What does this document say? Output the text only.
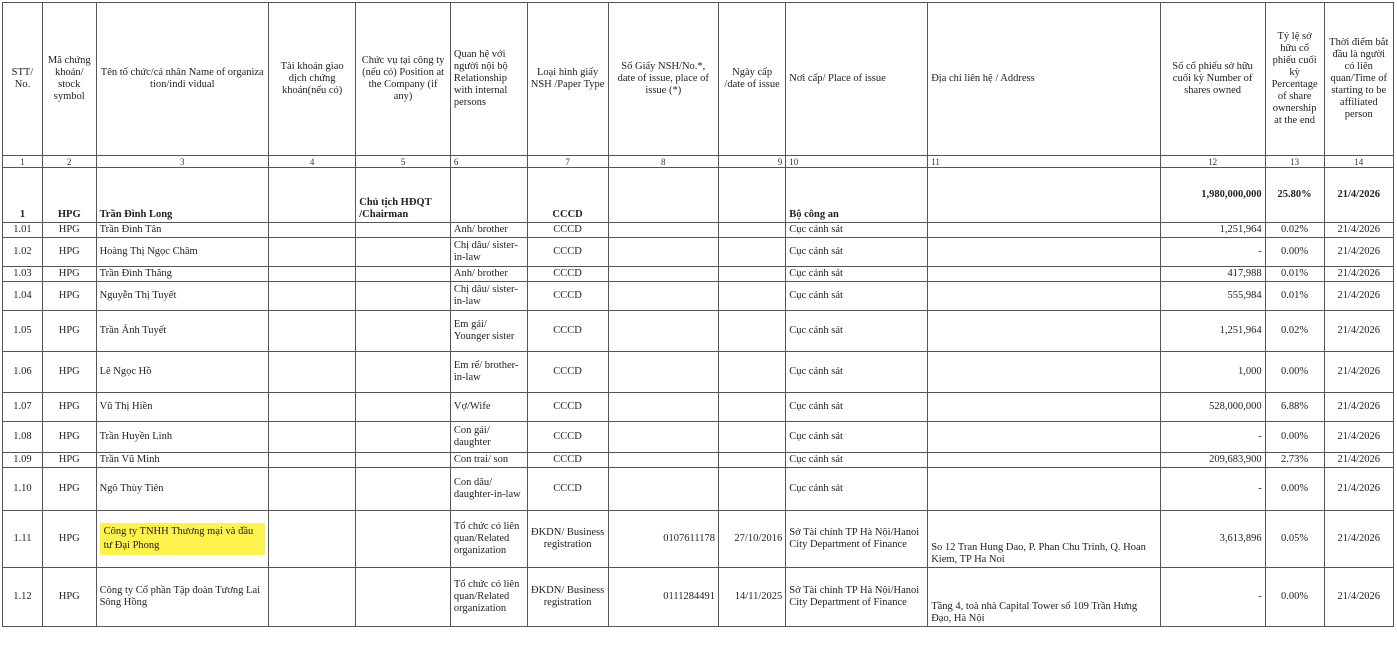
STT/ No.	Mã chứng khoán/ stock symbol	Tên tổ chức/cá nhân Name of organiza tion/indi vidual	Tài khoản giao dịch chứng khoán(nếu có)	Chức vụ tại công ty (nếu có) Position at the Company (if any)	Quan hệ với người nội bộ Relationship with internal persons	Loại hình giấy NSH /Paper Type	Số Giấy NSH/No.*, date of issue, place of issue (*)	Ngày cấp /date of issue	Nơi cấp/ Place of issue	Địa chỉ liên hệ / Address	Số cổ phiếu sở hữu cuối kỳ Number of shares owned	Tỷ lệ sở hữu cổ phiếu cuối kỳ Percentage of share ownership at the end	Thời điểm bắt đầu là người có liên quan/Time of starting to be affiliated person
1	2	3	4	5	6	7	8	9	10	11	12	13	14
1	HPG	Trần Đình Long		Chủ tịch HĐQT /Chairman		CCCD			Bộ công an		1,980,000,000	25.80%	21/4/2026
1.01	HPG	Trần Đình Tân			Anh/ brother	CCCD			Cục cảnh sát		1,251,964	0.02%	21/4/2026
1.02	HPG	Hoàng Thị Ngọc Châm			Chị dâu/ sister-in-law	CCCD			Cục cảnh sát		-	0.00%	21/4/2026
1.03	HPG	Trần Đình Thăng			Anh/ brother	CCCD			Cục cảnh sát		417,988	0.01%	21/4/2026
1.04	HPG	Nguyễn Thị Tuyết			Chị dâu/ sister-in-law	CCCD			Cục cảnh sát		555,984	0.01%	21/4/2026
1.05	HPG	Trần Ánh Tuyết			Em gái/ Younger sister	CCCD			Cục cảnh sát		1,251,964	0.02%	21/4/2026
1.06	HPG	Lê Ngọc Hồ			Em rể/ brother-in-law	CCCD			Cục cảnh sát		1,000	0.00%	21/4/2026
1.07	HPG	Vũ Thị Hiền			Vợ/Wife	CCCD			Cục cảnh sát		528,000,000	6.88%	21/4/2026
1.08	HPG	Trần Huyền Linh			Con gái/ daughter	CCCD			Cục cảnh sát		-	0.00%	21/4/2026
1.09	HPG	Trần Vũ Minh			Con trai/ son	CCCD			Cục cảnh sát		209,683,900	2.73%	21/4/2026
1.10	HPG	Ngô Thùy Tiên			Con dâu/ daughter-in-law	CCCD			Cục cảnh sát		-	0.00%	21/4/2026
1.11	HPG	Công ty TNHH Thương mại và đầu tư Đại Phong			Tổ chức có liên quan/Related organization	ĐKDN/ Business registration	0107611178	27/10/2016	Sở Tài chính TP Hà Nội/Hanoi City Department of Finance	So 12 Tran Hung Dao, P. Phan Chu Trinh, Q. Hoan Kiem, TP Ha Noi	3,613,896	0.05%	21/4/2026
1.12	HPG	Công ty Cổ phần Tập đoàn Tương Lai Sông Hồng			Tổ chức có liên quan/Related organization	ĐKDN/ Business registration	0111284491	14/11/2025	Sở Tài chính TP Hà Nội/Hanoi City Department of Finance	Tầng 4, toà nhà Capital Tower số 109 Trần Hưng Đạo, Hà Nội	-	0.00%	21/4/2026
